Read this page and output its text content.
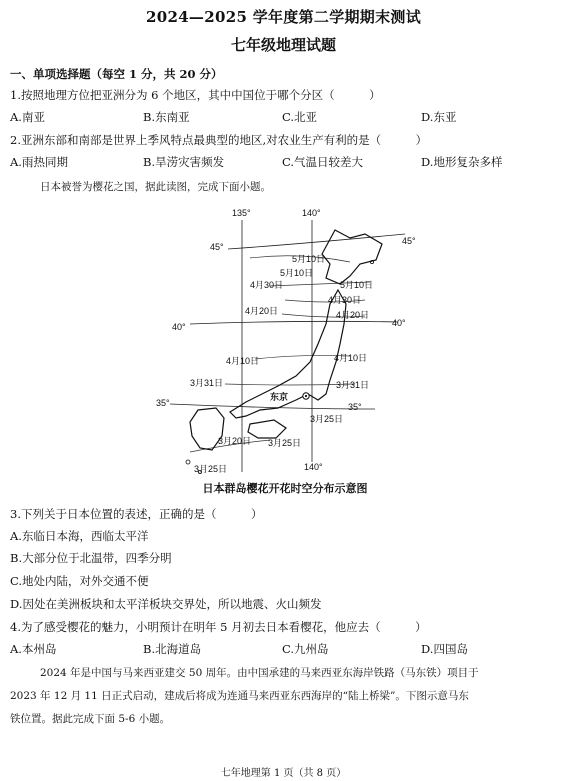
2024—2025 学年度第二学期期末测试
七年级地理试题
一、单项选择题（每空 1 分，共 20 分）
1.按照地理方位把亚洲分为 6 个地区，其中中国位于哪个分区（　　　）
A.南亚	B.东南亚	C.北亚	D.东亚
2.亚洲东部和南部是世界上季风特点最典型的地区,对农业生产有利的是（　　　）
A.雨热同期	B.旱涝灾害频发	C.气温日较差大	D.地形复杂多样
日本被誉为樱花之国，据此读图，完成下面小题。
135°	140°
140°
45°
45°
40°	40°
35°	35°
5月10日
5月10日
4月30日	5月10日
4月30日
4月20日	4月20日
4月10日	4月10日
3月31日	3月31日
3月25日
3月20日 3月25日
3月25日
东京
日本群岛樱花开花时空分布示意图
3.下列关于日本位置的表述，正确的是（　　　）
A.东临日本海，西临太平洋
B.大部分位于北温带，四季分明
C.地处内陆，对外交通不便
D.因处在美洲板块和太平洋板块交界处，所以地震、火山频发
4.为了感受樱花的魅力，小明预计在明年 5 月初去日本看樱花，他应去（　　　）
A.本州岛	B.北海道岛	C.九州岛	D.四国岛
2024 年是中国与马来西亚建交 50 周年。由中国承建的马来西亚东海岸铁路（马东铁）项目于
2023 年 12 月 11 日正式启动，建成后将成为连通马来西亚东西海岸的“陆上桥梁”。下图示意马东
铁位置。据此完成下面 5-6 小题。
七年地理第 1 页（共 8 页）
